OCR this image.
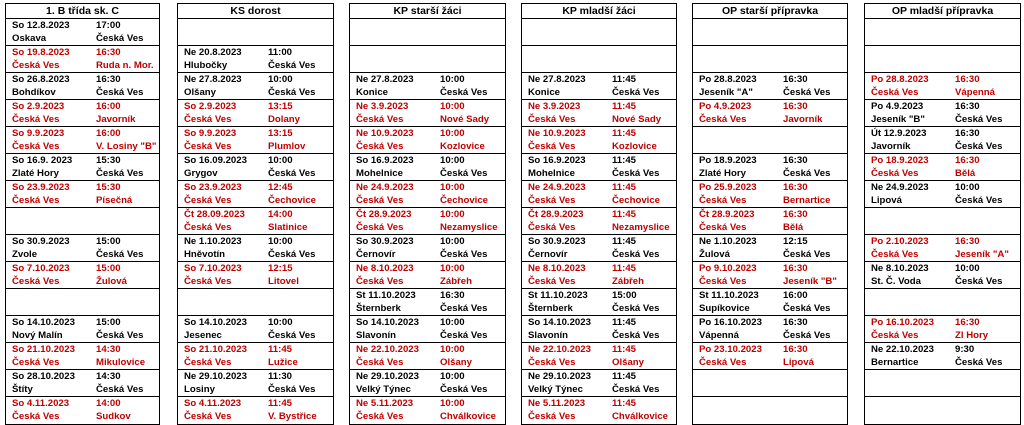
1. B třída sk. C
So 12.8.2023	17:00
Oskava	Česká Ves
So 19.8.2023	16:30
Česká Ves	Ruda n. Mor.
So 26.8.2023	16:30
Bohdíkov	Česká Ves
So 2.9.2023	16:00
Česká Ves	Javorník
So 9.9.2023	16:00
Česká Ves	V. Losiny "B"
So 16.9. 2023 15:30
Zlaté Hory	Česká Ves
So 23.9.2023	15:30
Česká Ves	Písečná
So 30.9.2023	15:00
Zvole	Česká Ves
So 7.10.2023	15:00
Česká Ves	Žulová
So 14.10.2023 15:00
Nový Malín	Česká Ves
So 21.10.2023 14:30
Česká Ves	Mikulovice
So 28.10.2023 14:30
Štíty	Česká Ves
So 4.11.2023	14:00
Česká Ves	Sudkov
KS dorost
Ne 20.8.2023	11:00
Hlubočky	Česká Ves
Ne 27.8.2023	10:00
Olšany	Česká Ves
So 2.9.2023	13:15
Česká Ves	Dolany
So 9.9.2023	13:15
Česká Ves	Plumlov
So 16.09.2023 10:00
Grygov	Česká Ves
So 23.9.2023	12:45
Česká Ves	Čechovice
Čt 28.09.2023 14:00
Česká Ves	Slatinice
Ne 1.10.2023	10:00
Hněvotín	Česká Ves
So 7.10.2023	12:15
Česká Ves	Litovel
So 14.10.2023 10:00
Jesenec	Česká Ves
So 21.10.2023 11:45
Česká Ves	Lužice
Ne 29.10.2023 11:30
Losiny	Česká Ves
So 4.11.2023	11:45
Česká Ves	V. Bystřice
KP starší žáci
Ne 27.8.2023	10:00
Konice	Česká Ves
Ne 3.9.2023	10:00
Česká Ves	Nové Sady
Ne 10.9.2023	10:00
Česká Ves	Kozlovice
So 16.9.2023	10:00
Mohelnice	Česká Ves
Ne 24.9.2023	10:00
Česká Ves	Čechovice
Čt 28.9.2023	10:00
Česká Ves	Nezamyslice
So 30.9.2023	10:00
Černovír	Česká Ves
Ne 8.10.2023	10:00
Česká Ves	Zábřeh
St 11.10.2023	16:30
Šternberk	Česká Ves
So 14.10.2023 10:00
Slavonín	Česká Ves
Ne 22.10.2023 10:00
Česká Ves	Olšany
Ne 29.10.2023 10:00
Velký Týnec	Česká Ves
Ne 5.11.2023	10:00
Česká Ves	Chválkovice
KP mladší žáci
Ne 27.8.2023	11:45
Konice	Česká Ves
Ne 3.9.2023	11:45
Česká Ves	Nové Sady
Ne 10.9.2023	11:45
Česká Ves	Kozlovice
So 16.9.2023	11:45
Mohelnice	Česká Ves
Ne 24.9.2023	11:45
Česká Ves	Čechovice
Čt 28.9.2023	11:45
Česká Ves	Nezamyslice
So 30.9.2023	11:45
Černovír	Česká Ves
Ne 8.10.2023	11:45
Česká Ves	Zábřeh
St 11.10.2023	15:00
Šternberk	Česká Ves
So 14.10.2023 11:45
Slavonín	Česká Ves
Ne 22.10.2023 11:45
Česká Ves	Olšany
Ne 29.10.2023 11:45
Velký Týnec	Česká Ves
Ne 5.11.2023	11:45
Česká Ves	Chválkovice
OP starší přípravka
Po 28.8.2023	16:30
Jeseník "A"	Česká Ves
Po 4.9.2023	16:30
Česká Ves	Javorník
Po 18.9.2023	16:30
Zlaté Hory	Česká Ves
Po 25.9.2023	16:30
Česká Ves	Bernartice
Čt 28.9.2023	16:30
Česká Ves	Bělá
Ne 1.10.2023	12:15
Žulová	Česká Ves
Po 9.10.2023	16:30
Česká Ves	Jeseník "B"
St 11.10.2023	16:00
Supíkovice	Česká Ves
Po 16.10.2023 16:30
Vápenná	Česká Ves
Po 23.10.2023 16:30
Česká Ves	Lipová
OP mladší přípravka
Po 28.8.2023	16:30
Česká Ves	Vápenná
Po 4.9.2023	16:30
Jeseník "B"	Česká Ves
Út 12.9.2023	16:30
Javorník	Česká Ves
Po 18.9.2023	16:30
Česká Ves	Bělá
Ne 24.9.2023	10:00
Lipová	Česká Ves
Po 2.10.2023	16:30
Česká Ves	Jeseník "A"
Ne 8.10.2023	10:00
St. Č. Voda	Česká Ves
Po 16.10.2023 16:30
Česká Ves	Zl Hory
Ne 22.10.2023 9:30
Bernartice	Česká Ves
